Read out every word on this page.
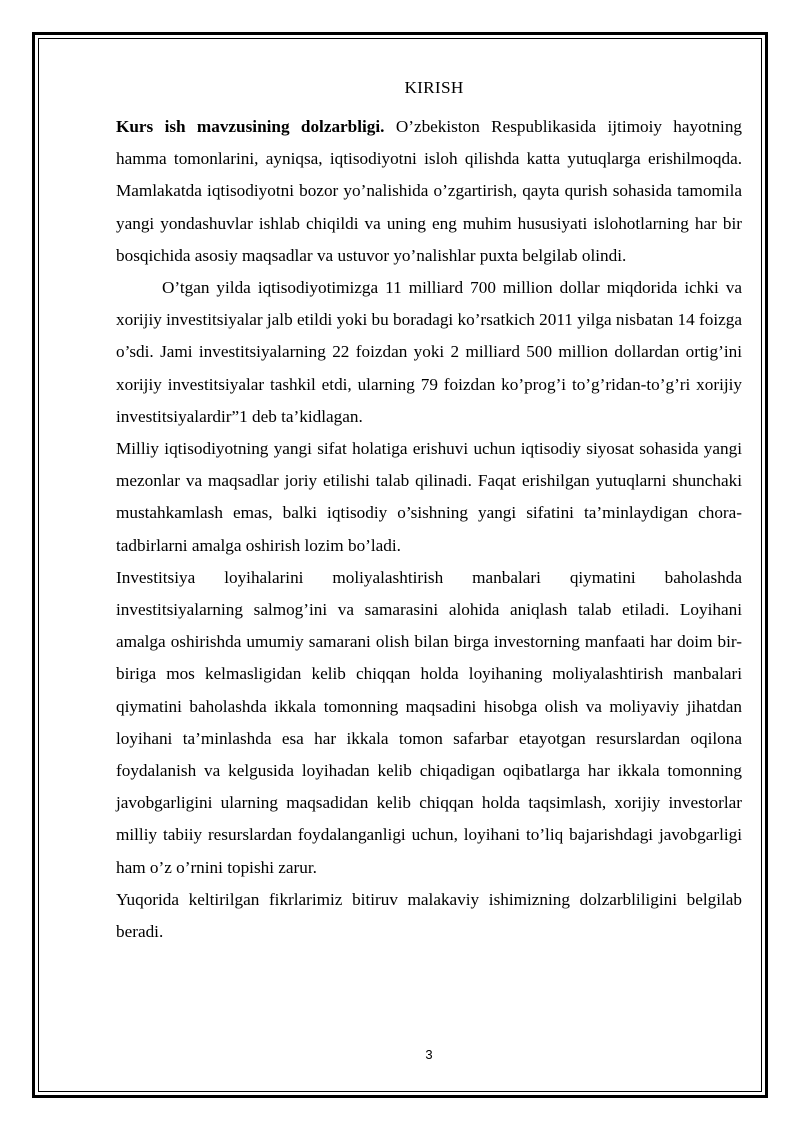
KIRISH

Kurs ish mavzusining dolzarbligi. O’zbekiston Respublikasida ijtimoiy hayotning hamma tomonlarini, ayniqsa, iqtisodiyotni isloh qilishda katta yutuqlarga erishilmoqda. Mamlakatda iqtisodiyotni bozor yo’nalishida o’zgartirish, qayta qurish sohasida tamomila yangi yondashuvlar ishlab chiqildi va uning eng muhim hususiyati islohotlarning har bir bosqichida asosiy maqsadlar va ustuvor yo’nalishlar puxta belgilab olindi.

O’tgan yilda iqtisodiyotimizga 11 milliard 700 million dollar miqdorida ichki va xorijiy investitsiyalar jalb etildi yoki bu boradagi ko’rsatkich 2011 yilga nisbatan 14 foizga o’sdi. Jami investitsiyalarning 22 foizdan yoki 2 milliard 500 million dollardan ortig’ini xorijiy investitsiyalar tashkil etdi, ularning 79 foizdan ko’prog’i to’g’ridan-to’g’ri xorijiy investitsiyalardir”1 deb ta’kidlagan.

Milliy iqtisodiyotning yangi sifat holatiga erishuvi uchun iqtisodiy siyosat sohasida yangi mezonlar va maqsadlar joriy etilishi talab qilinadi. Faqat erishilgan yutuqlarni shunchaki mustahkamlash emas, balki iqtisodiy o’sishning yangi sifatini ta’minlaydigan chora-tadbirlarni amalga oshirish lozim bo’ladi.

Investitsiya loyihalarini moliyalashtirish manbalari qiymatini baholashda investitsiyalarning salmog’ini va samarasini alohida aniqlash talab etiladi. Loyihani amalga oshirishda umumiy samarani olish bilan birga investorning manfaati har doim bir-biriga mos kelmasligidan kelib chiqqan holda loyihaning moliyalashtirish manbalari qiymatini baholashda ikkala tomonning maqsadini hisobga olish va moliyaviy jihatdan loyihani ta’minlashda esa har ikkala tomon safarbar etayotgan resurslardan oqilona foydalanish va kelgusida loyihadan kelib chiqadigan oqibatlarga har ikkala tomonning javobgarligini ularning maqsadidan kelib chiqqan holda taqsimlash, xorijiy investorlar milliy tabiiy resurslardan foydalanganligi uchun, loyihani to’liq bajarishdagi javobgarligi ham o’z o’rnini topishi zarur.

Yuqorida keltirilgan fikrlarimiz bitiruv malakaviy ishimizning dolzarbliligini belgilab beradi.

3
